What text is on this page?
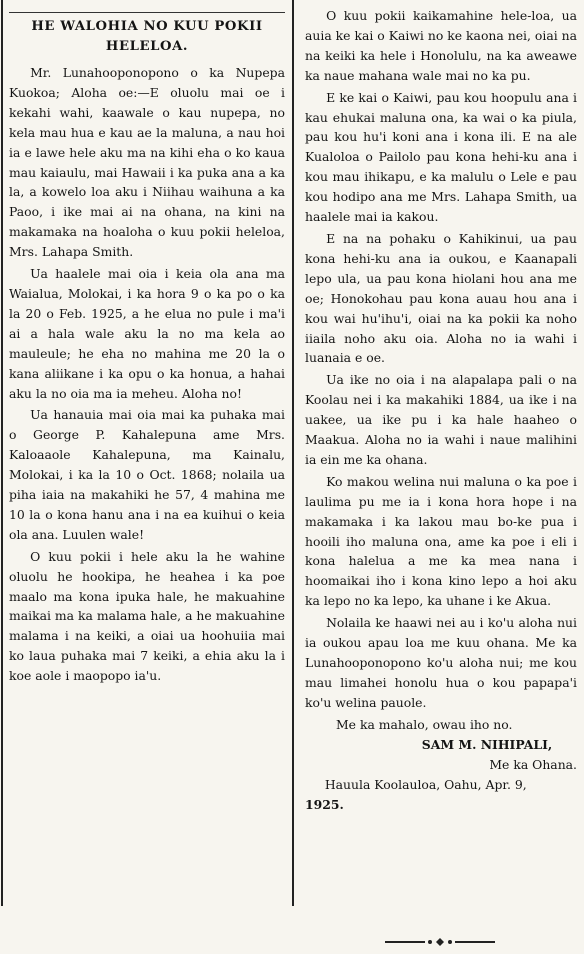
HE WALOHIA NO KUU POKII HELELOA.

Mr. Lunahooponopono o ka Nupepa Kuokoa; Aloha oe:—E oluolu mai oe i kekahi wahi, kaawale o kau nupepa, no kela mau hua e kau ae la maluna, a nau hoi ia e lawe hele aku ma na kihi eha o ko kaua mau kaiaulu, mai Hawaii i ka puka ana a ka la, a kowelo loa aku i Niihau waihuna a ka Paoo, i ike mai ai na ohana, na kini na makamaka na hoaloha o kuu pokii heleloa, Mrs. Lahapa Smith.

Ua haalele mai oia i keia ola ana ma Waialua, Molokai, i ka hora 9 o ka po o ka la 20 o Feb. 1925, a he elua no pule i ma'i ai a hala wale aku la no ma kela ao mauleule; he eha no mahina me 20 la o kana aliikane i ka opu o ka honua, a hahai aku la no oia ma ia meheu. Aloha no!

Ua hanauia mai oia mai ka puhaka mai o George P. Kahalepuna ame Mrs. Kaloaaole Kahalepuna, ma Kainalu, Molokai, i ka la 10 o Oct. 1868; nolaila ua piha iaia na makahiki he 57, 4 mahina me 10 la o kona hanu ana i na ea kuihui o keia ola ana. Luulen wale!

O kuu pokii i hele aku la he wahine oluolu he hookipa, he heahea i ka poe maalo ma kona ipuka hale, he makuahine maikai ma ka malama hale, a he makuahine malama i na keiki, a oiai ua hoohuiia mai ko laua puhaka mai 7 keiki, a ehia aku la i koe aole i maopopo ia'u.

O kuu pokii kaikamahine hele-loa, ua auia ke kai o Kaiwi no ke kaona nei, oiai na na keiki ka hele i Honolulu, na ka aweawe ka naue mahana wale mai no ka pu.

E ke kai o Kaiwi, pau kou hoopulu ana i kau ehukai maluna ona, ka wai o ka piula, pau kou hu'i koni ana i kona ili. E na ale Kualoloa o Pailolo pau kona hehi-ku ana i kou mau ihikapu, e ka malulu o Lele e pau kou hodipo ana me Mrs. Lahapa Smith, ua haalele mai ia kakou.

E na na pohaku o Kahikinui, ua pau kona hehi-ku ana ia oukou, e Kaanapali lepo ula, ua pau kona hiolani hou ana me oe; Honokohau pau kona auau hou ana i kou wai hu'ihu'i, oiai na ka pokii ka noho iiaila noho aku oia. Aloha no ia wahi i luanaia e oe.

Ua ike no oia i na alapalapa pali o na Koolau nei i ka makahiki 1884, ua ike i na uakee, ua ike pu i ka hale haaheo o Maakua. Aloha no ia wahi i naue malihini ia ein me ka ohana.

Ko makou welina nui maluna o ka poe i laulima pu me ia i kona hora hope i na makamaka i ka lakou mau bo-ke pua i hooili iho maluna ona, ame ka poe i eli i kona halelua a me ka mea nana i hoomaikai iho i kona kino lepo a hoi aku ka lepo no ka lepo, ka uhane i ke Akua.

Nolaila ke haawi nei au i ko'u aloha nui ia oukou apau loa me kuu ohana. Me ka Lunahooponopono ko'u aloha nui; me kou mau limahei honolu hua o kou papapa'i ko'u welina pauole.

Me ka mahalo, owau iho no.
SAM M. NIHIPALI,
Me ka Ohana.
Hauula Koolauloa, Oahu, Apr. 9,
1925.
